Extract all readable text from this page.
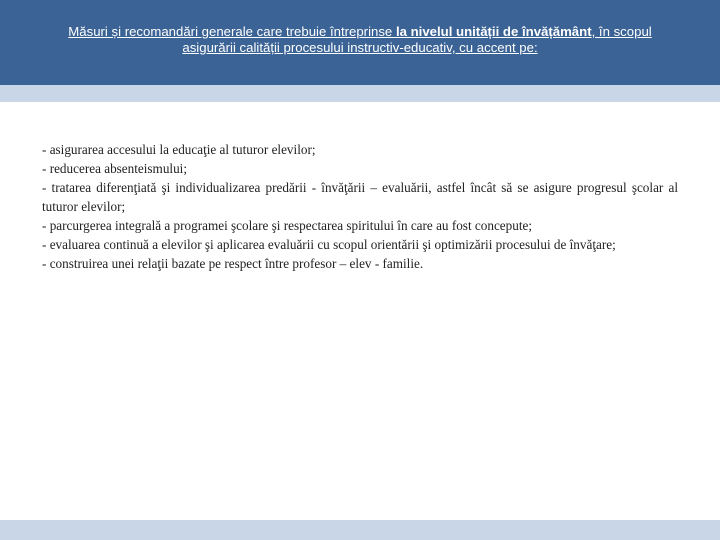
Măsuri și recomandări generale care trebuie întreprinse la nivelul unității de învățământ, în scopul asigurării calității procesului instructiv-educativ, cu accent pe:

- asigurarea accesului la educaţie al tuturor elevilor;

- reducerea absenteismului;

- tratarea diferenţiată şi individualizarea predării - învăţării – evaluării, astfel încât să se asigure progresul şcolar al tuturor elevilor;

- parcurgerea integrală a programei şcolare şi respectarea spiritului în care au fost concepute;

- evaluarea continuă a elevilor şi aplicarea evaluării cu scopul orientării şi optimizării procesului de învăţare;

- construirea unei relaţii bazate pe respect între profesor – elev - familie.
